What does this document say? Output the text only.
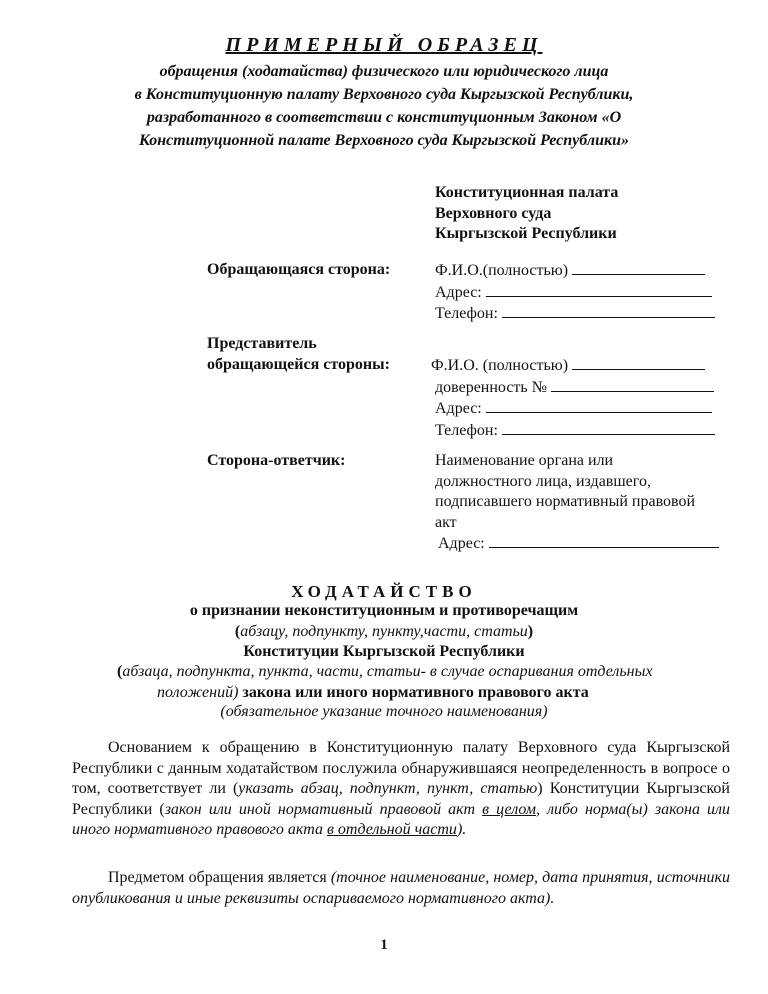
ПРИМЕРНЫЙ ОБРАЗЕЦ
обращения (ходатайства) физического или юридического лица
в Конституционную палату Верховного суда Кыргызской Республики,
разработанного в соответствии с конституционным Законом «О
Конституционной палате Верховного суда Кыргызской Республики»
Конституционная палата
Верховного суда
Кыргызской Республики
Обращающаяся сторона:	Ф.И.О.(полностью)
Адрес:
Телефон:
Представитель
обращающейся стороны:	Ф.И.О. (полностью)
доверенность №
Адрес:
Телефон:
Сторона-ответчик:	Наименование органа или
должностного лица, издавшего,
подписавшего нормативный правовой
акт
Адрес:
ХОДАТАЙСТВО
о признании неконституционным и противоречащим
(абзацу, подпункту, пункту,части, статьи)
Конституции Кыргызской Республики
(абзаца, подпункта, пункта, части, статьи- в случае оспаривания отдельных
положений) закона или иного нормативного правового акта
(обязательное указание точного наименования)
Основанием к обращению в Конституционную палату Верховного суда Кыргызской Республики с данным ходатайством послужила обнаружившаяся неопределенность в вопросе о том, соответствует ли (указать абзац, подпункт, пункт, статью) Конституции Кыргызской Республики (закон или иной нормативный правовой акт в целом, либо норма(ы) закона или иного нормативного правового акта в отдельной части).
Предметом обращения является (точное наименование, номер, дата принятия, источники опубликования и иные реквизиты оспариваемого нормативного акта).
1
